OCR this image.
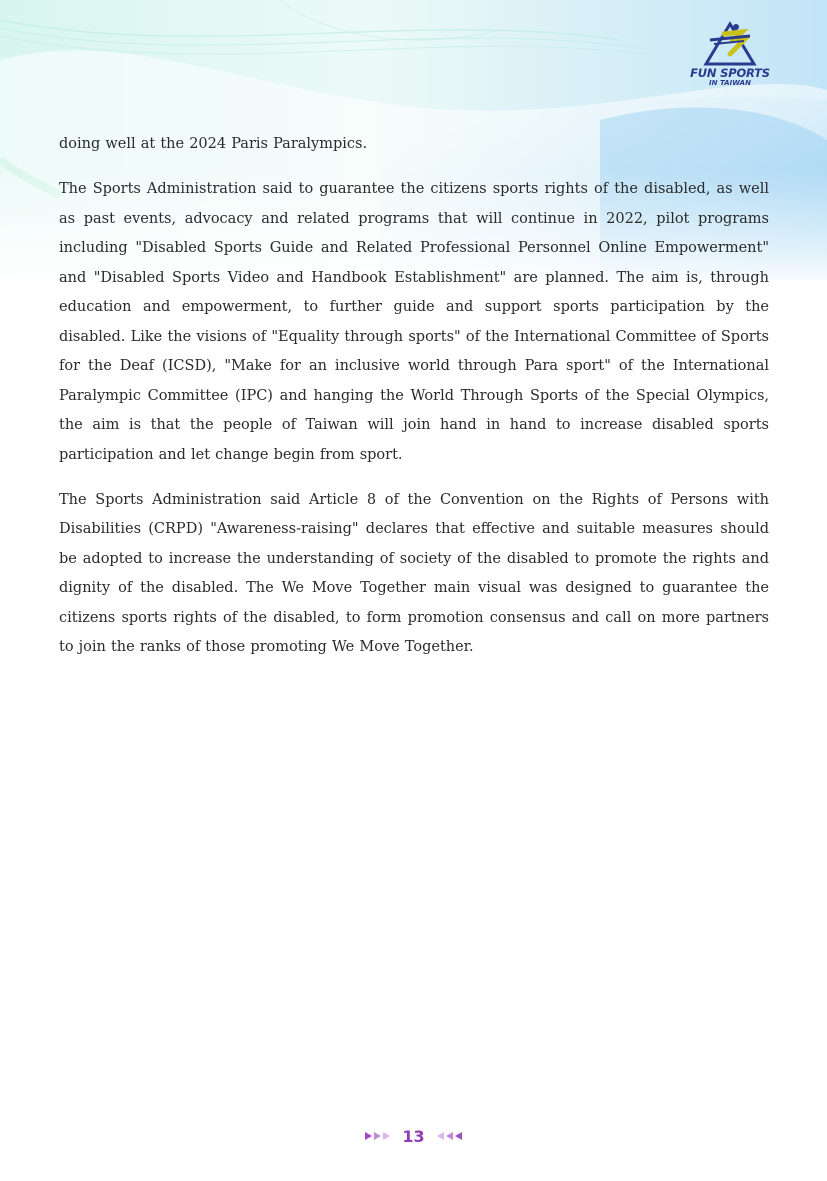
FUN SPORTS
IN TAIWAN

doing well at the 2024 Paris Paralympics.

The Sports Administration said to guarantee the citizens sports rights of the disabled, as well as past events, advocacy and related programs that will continue in 2022, pilot programs including "Disabled Sports Guide and Related Professional Personnel Online Empowerment" and "Disabled Sports Video and Handbook Establishment" are planned. The aim is, through education and empowerment, to further guide and support sports participation by the disabled. Like the visions of "Equality through sports" of the International Committee of Sports for the Deaf (ICSD), "Make for an inclusive world through Para sport" of the International Paralympic Committee (IPC) and hanging the World Through Sports of the Special Olympics, the aim is that the people of Taiwan will join hand in hand to increase disabled sports participation and let change begin from sport.

The Sports Administration said Article 8 of the Convention on the Rights of Persons with Disabilities (CRPD) "Awareness-raising" declares that effective and suitable measures should be adopted to increase the understanding of society of the disabled to promote the rights and dignity of the disabled. The We Move Together main visual was designed to guarantee the citizens sports rights of the disabled, to form promotion consensus and call on more partners to join the ranks of those promoting We Move Together.

13
